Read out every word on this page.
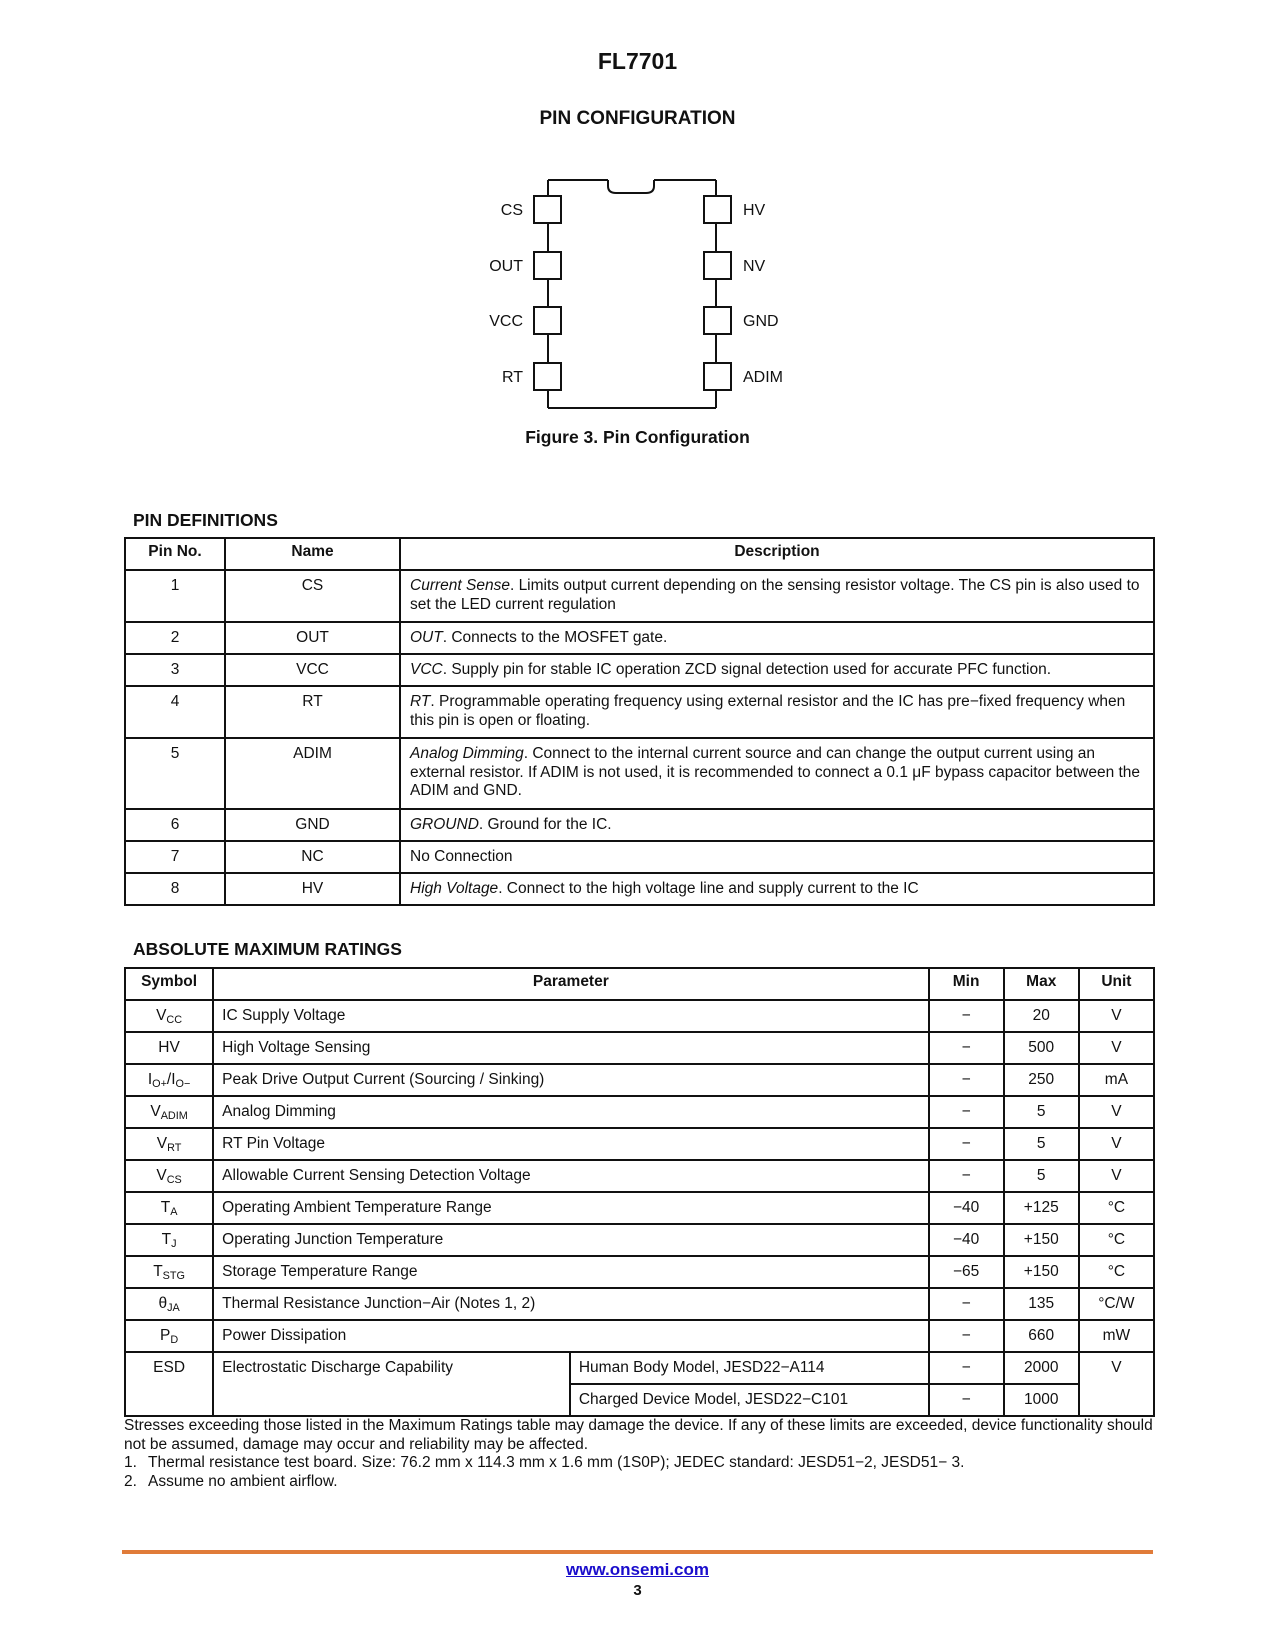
FL7701
PIN CONFIGURATION
CS
OUT
VCC
RT
HV
NV
GND
ADIM
Figure 3. Pin Configuration
PIN DEFINITIONS
Pin No.	Name	Description
1	CS	Current Sense. Limits output current depending on the sensing resistor voltage. The CS pin is also used to set the LED current regulation
2	OUT	OUT. Connects to the MOSFET gate.
3	VCC	VCC. Supply pin for stable IC operation ZCD signal detection used for accurate PFC function.
4	RT	RT. Programmable operating frequency using external resistor and the IC has pre−fixed frequency when this pin is open or floating.
5	ADIM	Analog Dimming. Connect to the internal current source and can change the output current using an external resistor. If ADIM is not used, it is recommended to connect a 0.1 μF bypass capacitor between the ADIM and GND.
6	GND	GROUND. Ground for the IC.
7	NC	No Connection
8	HV	High Voltage. Connect to the high voltage line and supply current to the IC
ABSOLUTE MAXIMUM RATINGS
Symbol	Parameter		Min	Max	Unit
$V_{CC}$	IC Supply Voltage		−	20	V
HV	High Voltage Sensing		−	500	V
$I_{O+}/I_{O-}$	Peak Drive Output Current (Sourcing / Sinking)		−	250	mA
$V_{ADIM}$	Analog Dimming		−	5	V
$V_{RT}$	RT Pin Voltage		−	5	V
$V_{CS}$	Allowable Current Sensing Detection Voltage		−	5	V
$T_A$	Operating Ambient Temperature Range		−40	+125	°C
$T_J$	Operating Junction Temperature		−40	+150	°C
$T_{STG}$	Storage Temperature Range		−65	+150	°C
$\theta_{JA}$	Thermal Resistance Junction−Air (Notes 1, 2)		−	135	°C/W
$P_D$	Power Dissipation		−	660	mW
ESD	Electrostatic Discharge Capability	Human Body Model, JESD22−A114	−	2000	V
		Charged Device Model, JESD22−C101	−	1000	
Stresses exceeding those listed in the Maximum Ratings table may damage the device. If any of these limits are exceeded, device functionality should not be assumed, damage may occur and reliability may be affected.
1. Thermal resistance test board. Size: 76.2 mm x 114.3 mm x 1.6 mm (1S0P); JEDEC standard: JESD51−2, JESD51− 3.
2. Assume no ambient airflow.
www.onsemi.com
3
